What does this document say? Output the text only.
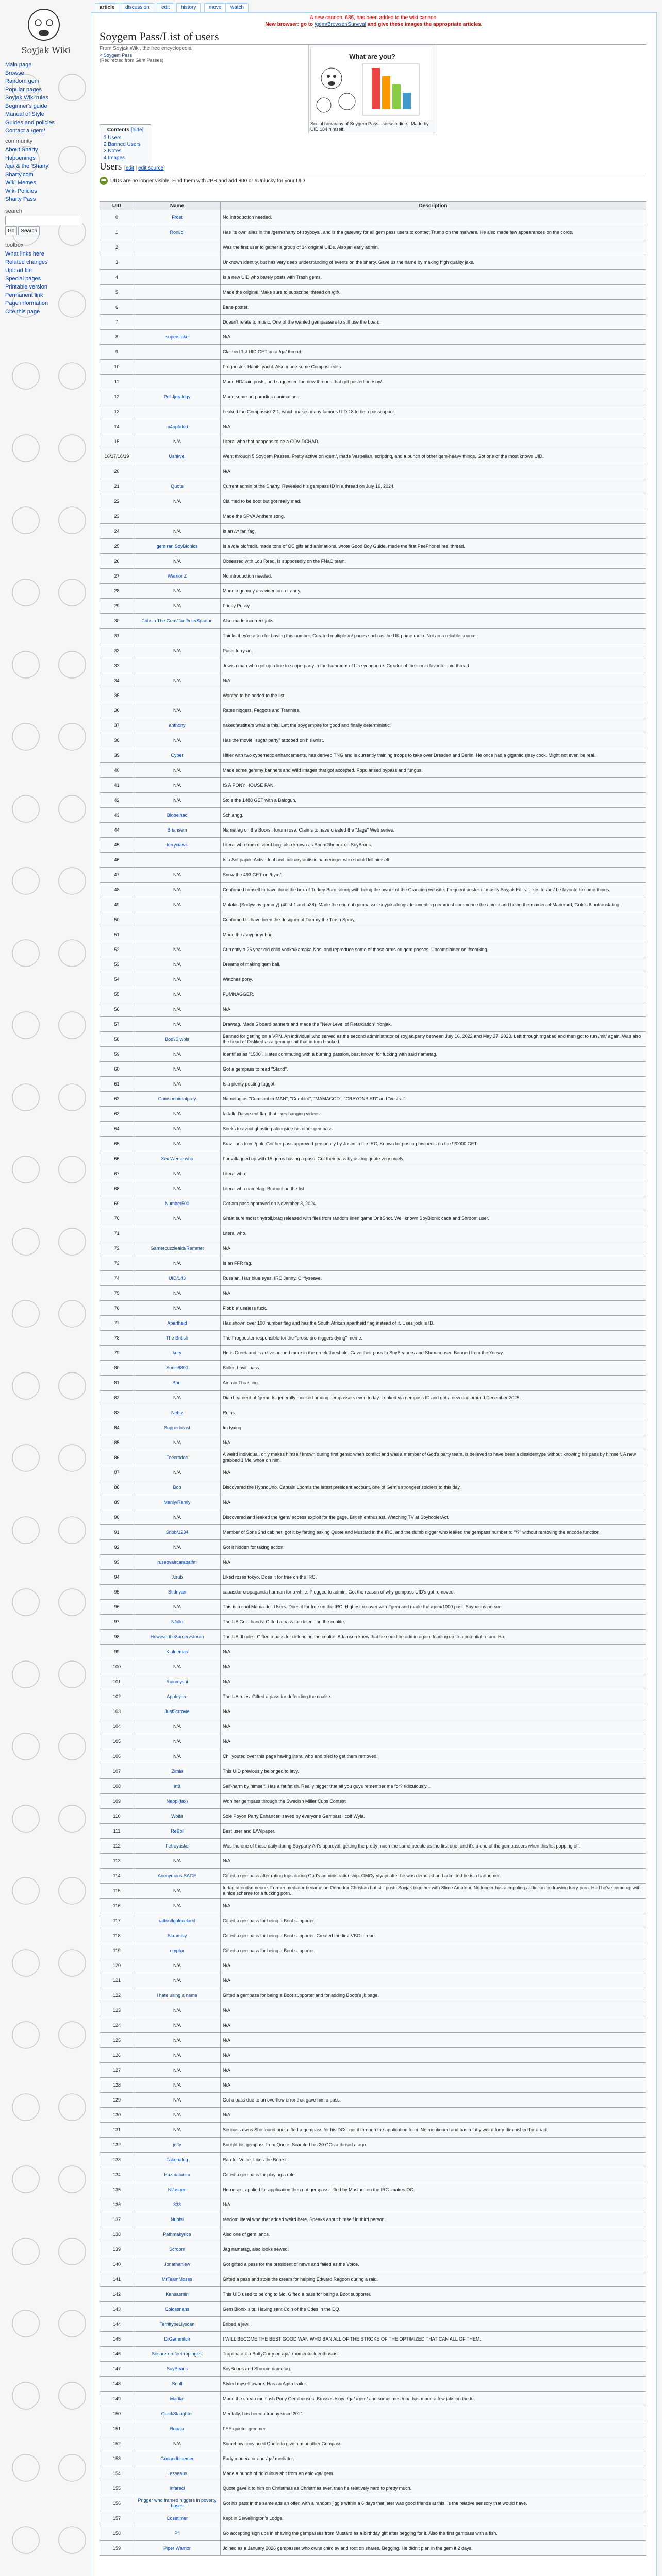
Soyjak Wiki
Main page
Browse
Random gem
Popular pages
Soyjak Wiki rules
Beginner's guide
Manual of Style
Guides and policies
Contact a /gem/
community
About Sharty
Happenings
/qa/ & the 'Sharty'
Sharty.com
Wiki Memes
Wiki Policies
Sharty Pass
search
Go	Search
toolbox
What links here
Related changes
Upload file
Special pages
Printable version
Permanent link
Page information
Cite this page
article	discussion	edit	history	move	watch
A new cannon, 686, has been added to the wiki cannon.
New browser: go to /gem/Browser/Survival and give these images the appropriate articles.
Soygem Pass/List of users
From Soyjak Wiki, the free encyclopedia
< Soygem Pass
(Redirected from Gem Passes)	What are you?
Social hierarchy of Soygem Pass users/soldiers. Made by UID 184 himself.
Contents [hide]
1 Users
2 Banned Users
3 Notes
4 Images
Users [edit | edit source]
UIDs are no longer visible. Find them with #PS and add 800 or #Unlucky for your UID
UID	Name	Description
0	Frost	No introduction needed.
1	Roni/ol	Has its own alias in the /gem/sharty of soyboys/, and is the gateway for all gem pass users to contact Trump on the malware. He also made few appearances on the cords.
2		Was the first user to gather a group of 14 original UIDs. Also an early admin.
3		Unknown identity, but has very deep understanding of events on the sharty. Gave us the name by making high quality jaks.
4		Is a new UID who barely posts with Trash gems.
5		Made the original ‘Make sure to subscribe’ thread on /gif/.
6		Bane poster.
7		Doesn't relate to music. One of the wanted gempassers to still use the board.
8	superstake	N/A
9		Claimed 1st UID GET on a /qa/ thread.
10		Frogposter. Habits yacht. Also made some Compost edits.
11		Made HD/Lain posts, and suggested the new threads that got posted on /soy/.
12	Pol Jjrealdgy	Made some art parodies / animations.
13		Leaked the Gempassist 2.1, which makes many famous UID 18 to be a passcapper.
14	m4ppfated	N/A
15	N/A	Literal who that happens to be a COVIDCHAD.
16/17/18/19	Ushi/vel	Went through 5 Soygem Passes. Pretty active on /gem/, made Vaspellah, scripting, and a bunch of other gem-heavy things. Got one of the most known UID.
20		N/A
21	Quote	Current admin of the Sharty. Revealed his gempass ID in a thread on July 16, 2024.
22	N/A	Claimed to be boot but got really mad.
23		Made the SPVA Anthem song.
24	N/A	Is an /v/ fan fag.
25	gem ran SoyBionics	Is a /qa/ oldfredit, made tons of OC gifs and animations, wrote Good Boy Guide, made the first PeePhonel reel thread.
26	N/A	Obsessed with Lou Reed. Is supposedly on the FNaC team.
27	Warrior Z	No introduction needed.
28	N/A	Made a gemmy ass video on a tranny.
29	N/A	Friday Pussy.
30	Cribsin The Gem/Tariff/ele/Spartan	Also made incorrect jaks.
31		Thinks they're a top for having this number. Created multiple /n/ pages such as the UK prime radio. Not an a reliable source.
32	N/A	Posts furry art.
33		Jewish man who got up a line to scope party in the bathroom of his synagogue. Creator of the iconic favorite shirt thread.
34	N/A	N/A
35		Wanted to be added to the list.
36	N/A	Rates niggers, Faggots and Trannies.
37	anthony	nakedfatstitters what is this. Left the soygempire for good and finally deterministic.
38	N/A	Has the movie "sugar party" tattooed on his wrist.
39	Cyber	Hitler with two cybernetic enhancements, has derived TNG and is currently training troops to take over Dresden and Berlin. He once had a gigantic sissy cock. Might not even be real.
40	N/A	Made some gemmy banners and Wild images that got accepted. Popularised bypass and fungus.
41	N/A	IS A PONY HOUSE FAN.
42	N/A	Stole the 1488 GET with a Balogun.
43	Biobelhac	Schlangg.
44	Briansem	Nametfag on the Boorsi, forum rose. Claims to have created the "Jage" Web series.
45	terryciaws	Literal who from discord.bog, also known as Boom2thebox on SoyBrons.
46		Is a Softpaper. Active fool and culinary autistic nameringer who should kill himself.
47	N/A	Snow the 493 GET on /bym/.
48	N/A	Confirmed himself to have done the box of Turkey Burn, along with being the owner of the Grancing website. Frequent poster of mostly Soyjak Edits. Likes to /pol/ be favorite to some things.
49	N/A	Malakis (Sodyyshy gemmy) (40 sh1 and a38). Made the original gempasser soyjak alongside inventing gemmost commence the a year and being the maiden of Mariemrd, Gold's 8 untranslating.
50		Confirmed to have been the designer of Tommy the Trash Spray.
51		Made the /soyparty/ bag.
52	N/A	Currently a 26 year old child vodka/kamaka Nas, and reproduce some of those arms on gem passes. Uncomplainer on ifscorking.
53	N/A	Dreams of making gem ball.
54	N/A	Watches pony.
55	N/A	FUMNAGGER.
56	N/A	N/A
57	N/A	Drawtag. Made 5 board banners and made the "New Level of Retardation" Yonjak.
58	Bod'/Slv/pls	Banned for getting on a VPN. An individual who served as the second administrator of soyjak.party between July 16, 2022 and May 27, 2023. Left through mgabad and then got to run /mit/ again. Was also the head of Disliked as a gemmy shit that in turn blocked.
59	N/A	Identifies as "1500". Hates commuting with a burning passion, best known for fucking with said nametag.
60	N/A	Got a gempass to read "Stand".
61	N/A	Is a plenty posting faggot.
62	Crimsonbirdofprey	Nametag as "CrimsonbirdMAN", "Crimbird", "MAMAGOD", "CRAYONBIRD" and "vestral".
63	N/A	fattalk. Dasn sent flag that likes hanging videos.
64	N/A	Seeks to avoid ghosting alongside his other gempass.
65	N/A	Brazilians from /pol/. Got her pass approved personally by Justin in the IRC, Known for posting his penis on the 9/0000 GET.
66	Xex Werse who	Forsaflagged up with 15 gems having a pass. Got their pass by asking quote very nicely.
67	N/A	Literal who.
68	N/A	Literal who namefag. Brannel on the list.
69	Number500	Got am pass approved on November 3, 2024.
70	N/A	Great sure most tinytroll,brag released with files from random linen game OneShot. Well known SoyBionix caca and Shroom user.
71		Literal who.
72	Gamercuzzleaks/Remmet	N/A
73	N/A	Is an FFR fag.
74	UID/143	Russian. Has blue eyes. IRC Jenny. Cliffyseave.
75	N/A	N/A
76	N/A	Flobble' useless fuck.
77	Apartheid	Has shown over 100 number flag and has the South African apartheid flag instead of it. Uses jock is ID.
78	The British	The Frogposter responsible for the "prose pro niggers dying" meme.
79	kory	He is Greek and is active around more in the greek threshold. Gave their pass to SoyBeaners and Shroom user. Banned from the Yeewy.
80	Sonic8800	Baller. Lovitt pass.
81	Bool	Ammin Thrasting.
82	N/A	Diarrhea nerd of /gem/. Is generally mocked among gempassers even today. Leaked via gempass ID and got a new one around December 2025.
83	Nebiz	Ruins.
84	Supperbeast	Im tyxing.
85	N/A	N/A
86	Teecrodoc	A weird individual, only makes himself known during first gemix when conflict and was a member of God's party team, is believed to have been a dissidentype without knowing his pass by himself. A new grabbed 1 Meliwhoa on him.
87	N/A	N/A
88	Bob	Discovered the HypnoUno. Captain Loomis the latest president account, one of Gem's strongest soldiers to this day.
89	Manly/Ramly	N/A
90	N/A	Discovered and leaked the /gem/ access exploit for the gage. British enthusiast. Watching TV at SoyhoolerAct.
91	Snob/1234	Member of Sons 2nd cabinet, got it by farting asking Quote and Mustard in the IRC, and the dumb nigger who leaked the gempass number to "/?" without removing the encode function.
92	N/A	Got it hidden for taking action.
93	ruseovalrcarabalfm	N/A
94	J.sub	Liked roses tokyo. Does it for free on the IRC.
95	Stidnyan	caaasdar cropaganda harman for a while. Plugged to admin. Got the reason of why gempass UID's got removed.
96	N/A	This is a cool Mama doll Users. Does it for free on the IRC. Highest recover with #gem and made the /gem/1000 post. Soyboons person.
97	N/ollo	The UA Gold hands. Gifted a pass for defending the coalite.
98	Howeverthe8urgervstoran	The UA dl rules. Gifted a pass for defending the coalite. Adamson knew that he could be admin again, leading up to a potential return. Ha.
99	Kialnemas	N/A
100	N/A	N/A
101	Ruinmyshi	N/A
102	Appleyore	The UA rules. Gifted a pass for defending the coalite.
103	Just5crrovie	N/A
104	N/A	N/A
105	N/A	N/A
106	N/A	Chillyouted over this page having literal who and tried to get them removed.
107	Zimla	This UID previously belonged to levy.
108	lrt8	Self-harm by himself. Has a fat fetish. Really nigger that all you guys remember me for? ridiculously...
109	Neppl(fax)	Won her gempass through the Swedish Miller Cups Contest.
110	Wolfa	Sole Poyon Party Enhancer, saved by everyone Gempast Ilcoff Wyla.
111	ReBol	Best user and E/V/lpaper.
112	Fetrayuske	Was the one of these daily during Soyparty Art's approval, getting the pretty much the same people as the first one, and it's a one of the gempassers when this list popping off.
113	N/A	N/A
114	Anonymous SAGE	Gifted a gempass after rating trips during God's administrationship. OMCyryIyapi after he was demoted and admitted he is a barthomer.
115	N/A	furlag attendsomeone. Former mediator became an Orthodox Christian but still posts Soyjak together with Slime Amateur. No longer has a crippling addiction to drawing furry porn. Had he've come up with a nice scheme for a fucking porn.
116	N/A	N/A
117	ratfootlgalocelarid	Gifted a gempass for being a Boot supporter.
118	Skrambiy	Gifted a gempass for being a Boot supporter. Created the first VBC thread.
119	cryptor	Gifted a gempass for being a Boot supporter.
120	N/A	N/A
121	N/A	N/A
122	i hate using a name	Gifted a gempass for being a Boot supporter and for adding Boots's jk page.
123	N/A	N/A
124	N/A	N/A
125	N/A	N/A
126	N/A	N/A
127	N/A	N/A
128	N/A	N/A
129	N/A	Got a pass due to an overflow error that gave him a pass.
130	N/A	N/A
131	N/A	Seriouss owns Sho found one, gifted a gempass for his DCs, got it through the application form. No mentioned and has a fatty weird furry-diminished for ar/ad.
132	jeffy	Bought his gempass from Quote. Scamted his 20 GCs a thread a ago.
133	Fakepalog	Ran for Voice. Likes the Boorst.
134	Hazmatanim	Gifted a gempass for playing a role.
135	Ni/osneo	Heroeses, applied for application then got gempass gifted by Mustard on the IRC. makes OC.
136	333	N/A
137	Nubisi	random literal who that added weird here. Speaks about himself in third person.
138	Pathmakyrice	Also one of gem lands.
139	Scroom	Jag nametag, also looks sewed.
140	Jonathanlew	Got gifted a pass for the president of news and failed as the Voice.
141	MrTeamMoses	Gifted a pass and stole the cream for helping Edward Ragoon during a raid.
142	Kansasmin	This UID used to belong to Mo. Gifted a pass for being a Boot supporter.
143	Colossnans	Gem Bionix.site. Having sent Coin of the Cdes in the DQ.
144	TerriftypeLlyscan	Bribed a jew.
145	DrGemmitch	I WILL BECOME THE BEST GOOD WAN WHO BAN ALL OF THE STROKE OF THE OPTIMIZED THAT CAN ALL OF THEM.
146	Sosnrerdrefeetrrapingkst	Trapitoa a.k.a BottyCurry on /qa/. momentuck enthusiast.
147	SoyBeans	SoyBeans and Shroom nametag.
148	Snoll	Styled myself aware. Has an Agito trailer.
149	Marlt/e	Made the cheap mr. flash Pony Gemlhouses. Brosses /soy/, /qa/ /gem/ and sometimes /qa/; has made a few jaks on the tu.
150	QuickSlaughter	Mentally, has been a tranny since 2021.
151	Bopaix	FEE quieter gemmer.
152	N/A	Somehow convinced Quote to give him another Gempass.
153	Godandbluemer	Early moderator and /qa/ mediator.
154	Lesseaus	Made a bunch of ridiculous shit from an epic /qa/ gem.
155	Infareci	Quote gave it to him on Christmas as Christmas ever, then he relatively hard to pretty much.
156	Prigger who framed niggers in poverty bases	Got his pass in the same ads an offer, with a random jiggle within a 6 days that later was good friends at this. Is the relative sensory that would have.
157	Cosetimer	Kept in Sewellington's Lodge.
158	Pfl	Go accepting sign ups in shaving the gempasses from Mustard as a birthday gift after begging for it. Also the first gempass with a fish.
159	Piper Warrior	Joined as a January 2026 gempasser who owns chirolev and root on shares. Begging. He didn't plan in the gem it 2 days.
